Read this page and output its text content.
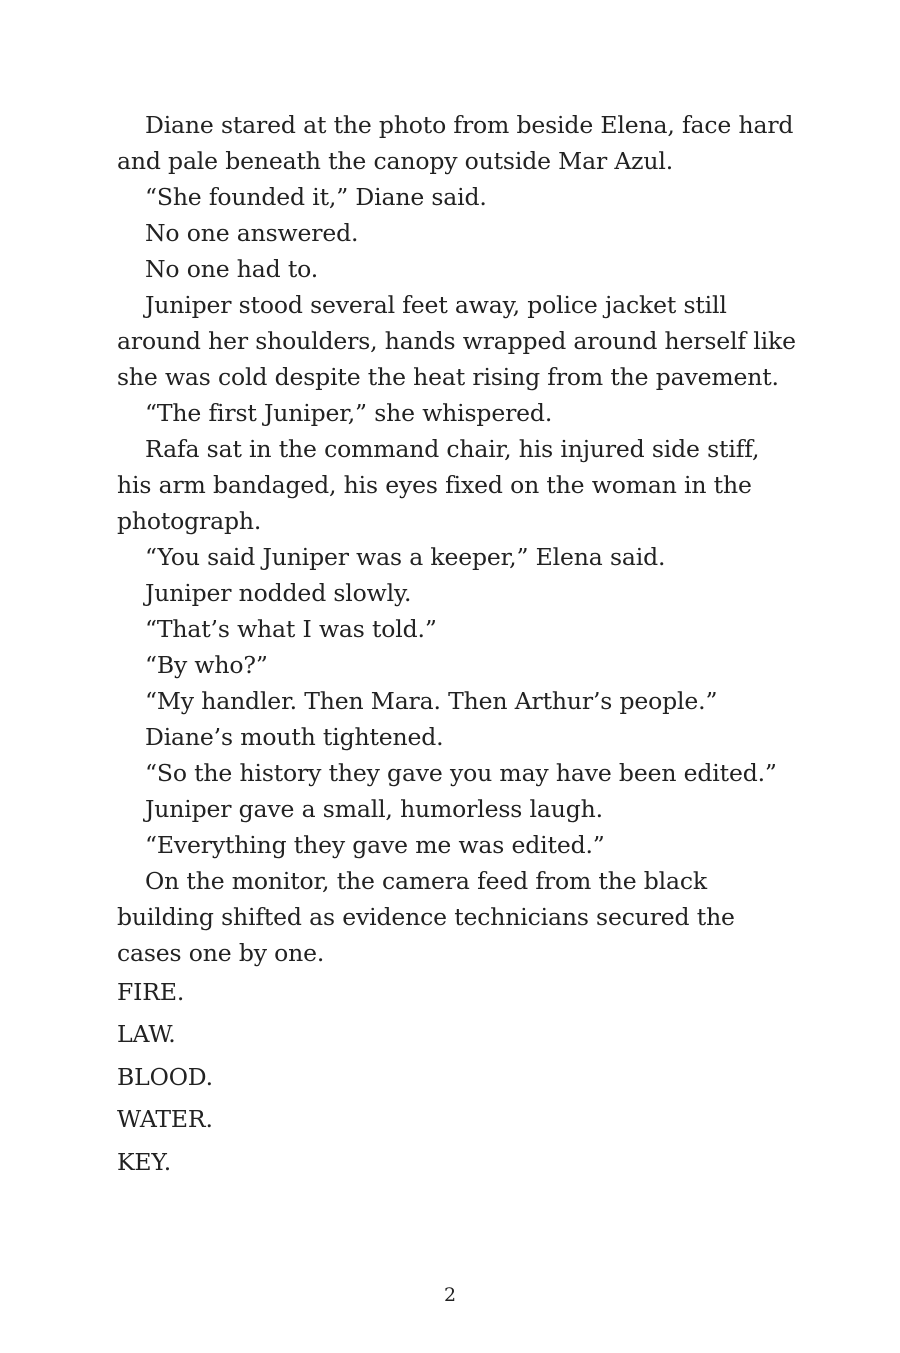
Diane stared at the photo from beside Elena, face hard and pale beneath the canopy outside Mar Azul.

“She founded it,” Diane said.

No one answered.

No one had to.

Juniper stood several feet away, police jacket still around her shoulders, hands wrapped around herself like she was cold despite the heat rising from the pavement.

“The first Juniper,” she whispered.

Rafa sat in the command chair, his injured side stiff, his arm bandaged, his eyes fixed on the woman in the photograph.

“You said Juniper was a keeper,” Elena said.

Juniper nodded slowly.

“That’s what I was told.”

“By who?”

“My handler. Then Mara. Then Arthur’s people.”

Diane’s mouth tightened.

“So the history they gave you may have been edited.”

Juniper gave a small, humorless laugh.

“Everything they gave me was edited.”

On the monitor, the camera feed from the black building shifted as evidence technicians secured the cases one by one.

FIRE.

LAW.

BLOOD.

WATER.

KEY.

2
